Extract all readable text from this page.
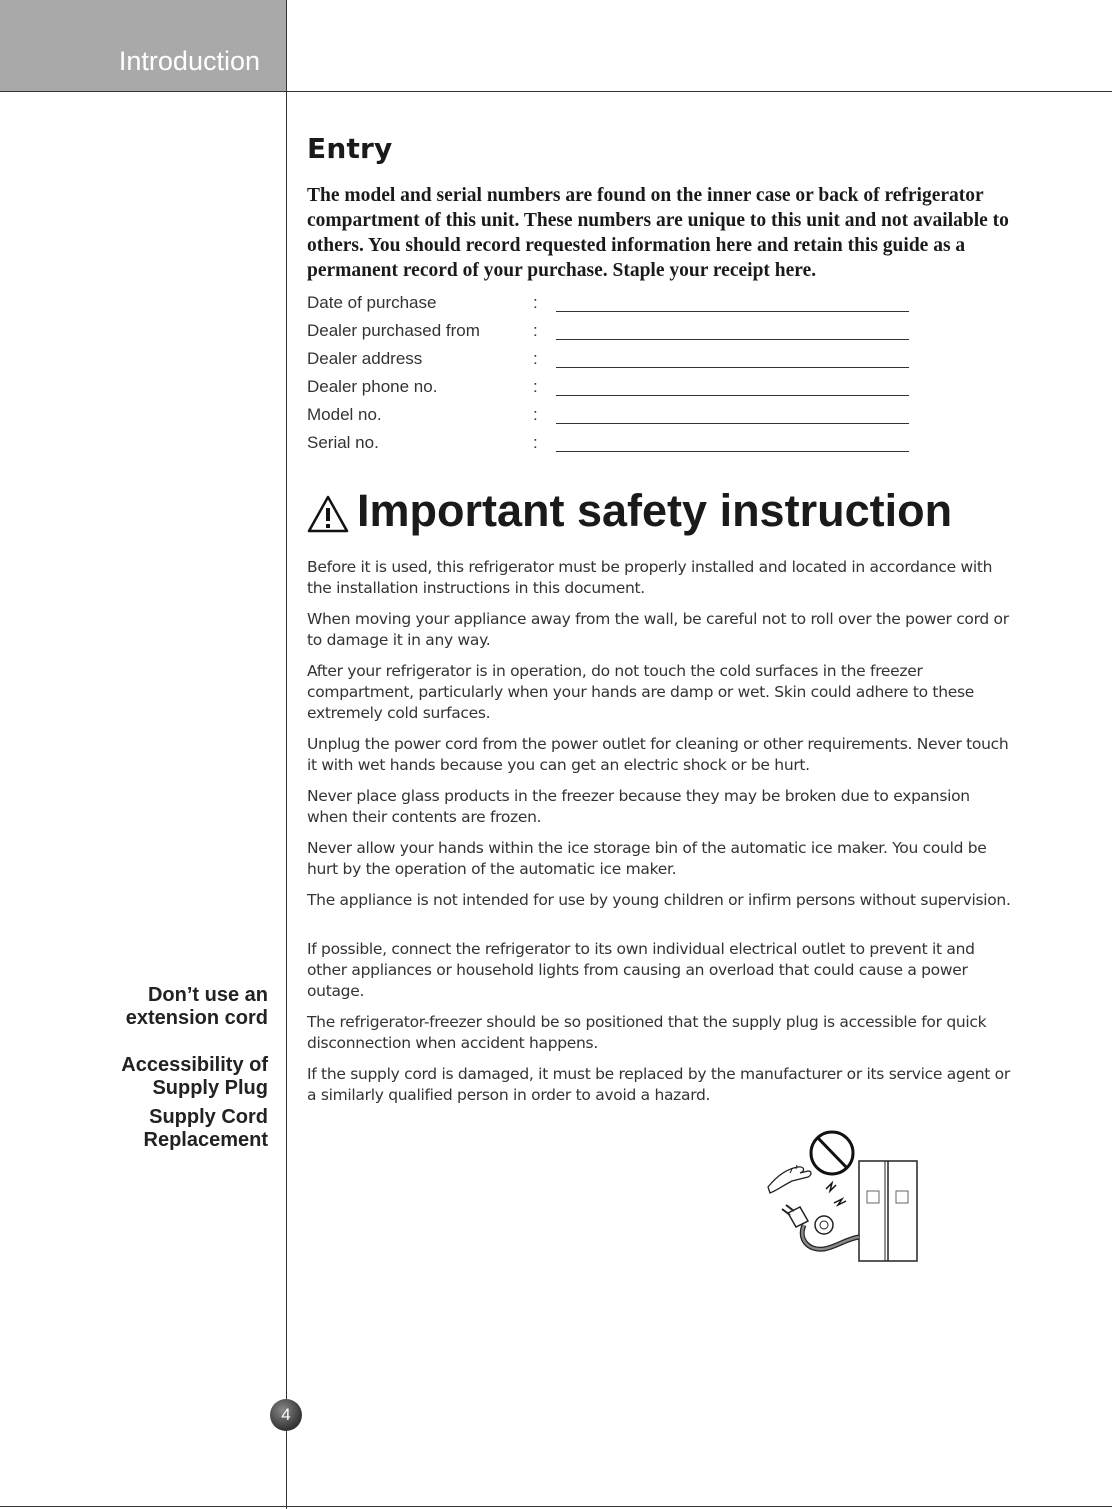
Introduction
Entry

The model and serial numbers are found on the inner case or back of refrigerator compartment of this unit. These numbers are unique to this unit and not available to others. You should record requested information here and retain this guide as a permanent record of your purchase. Staple your receipt here.

Date of purchase	:
Dealer purchased from	:
Dealer address	:
Dealer phone no.	:
Model no.	:
Serial no.	:
Important safety instruction

Before it is used, this refrigerator must be properly installed and located in accordance with the installation instructions in this document.

When moving your appliance away from the wall, be careful not to roll over the power cord or to damage it in any way.

After your refrigerator is in operation, do not touch the cold surfaces in the freezer compartment, particularly when your hands are damp or wet. Skin could adhere to these extremely cold surfaces.

Unplug the power cord from the power outlet for cleaning or other requirements. Never touch it with wet hands because you can get an electric shock or be hurt.

Never place glass products in the freezer because they may be broken due to expansion when their contents are frozen.

Never allow your hands within the ice storage bin of the automatic ice maker. You could be hurt by the operation of the automatic ice maker.

The appliance is not intended for use by young children or infirm persons without supervision.

If possible, connect the refrigerator to its own individual electrical outlet to prevent it and other appliances or household lights from causing an overload that could cause a power outage.

The refrigerator-freezer should be so positioned that the supply plug is accessible for quick disconnection when accident happens.

If the supply cord is damaged, it must be replaced by the manufacturer or its service agent or a similarly qualified person in order to avoid a hazard.

Don’t use an
extension cord
Accessibility of
Supply Plug
Supply Cord
Replacement
4
